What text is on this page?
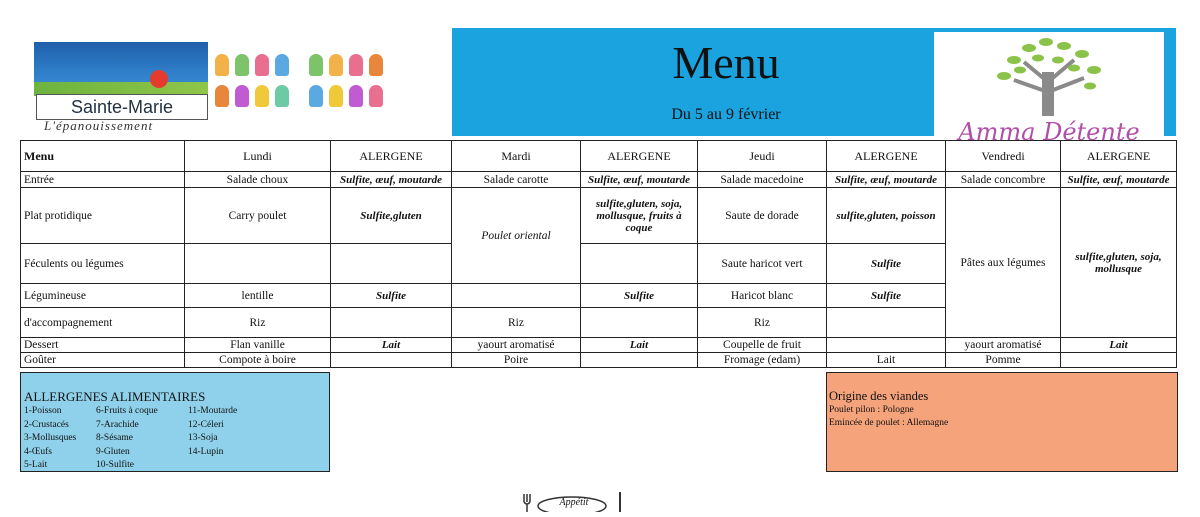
Sainte-Marie
L'épanouissement
Menu
Du 5 au 9 février
Amma Détente
Menu	Lundi	ALERGENE	Mardi	ALERGENE	Jeudi	ALERGENE	Vendredi	ALERGENE
Entrée	Salade choux	Sulfite, œuf, moutarde	Salade carotte	Sulfite, œuf, moutarde	Salade macedoine	Sulfite, œuf, moutarde	Salade concombre	Sulfite, œuf, moutarde
Plat protidique	Carry poulet	Sulfite,gluten	Poulet oriental	sulfite,gluten, soja, mollusque, fruits à coque	Saute de dorade	sulfite,gluten, poisson	Pâtes aux légumes	sulfite,gluten, soja, mollusque
Féculents ou légumes					Saute haricot vert	Sulfite		
Légumineuse	lentille	Sulfite		Sulfite	Haricot blanc	Sulfite		
d'accompagnement	Riz		Riz		Riz			
Dessert	Flan vanille	Lait	yaourt aromatisé	Lait	Coupelle de fruit		yaourt aromatisé	Lait
Goûter	Compote à boire		Poire		Fromage (edam)	Lait	Pomme	
ALLERGENES ALIMENTAIRES
1-Poisson
2-Crustacés
3-Mollusques
4-Œufs
5-Lait
6-Fruits à coque
7-Arachide
8-Sésame
9-Gluten
10-Sulfite
11-Moutarde
12-Céleri
13-Soja
14-Lupin
Origine des viandes
Poulet pilon : Pologne
Emincée de poulet : Allemagne
Appétit
